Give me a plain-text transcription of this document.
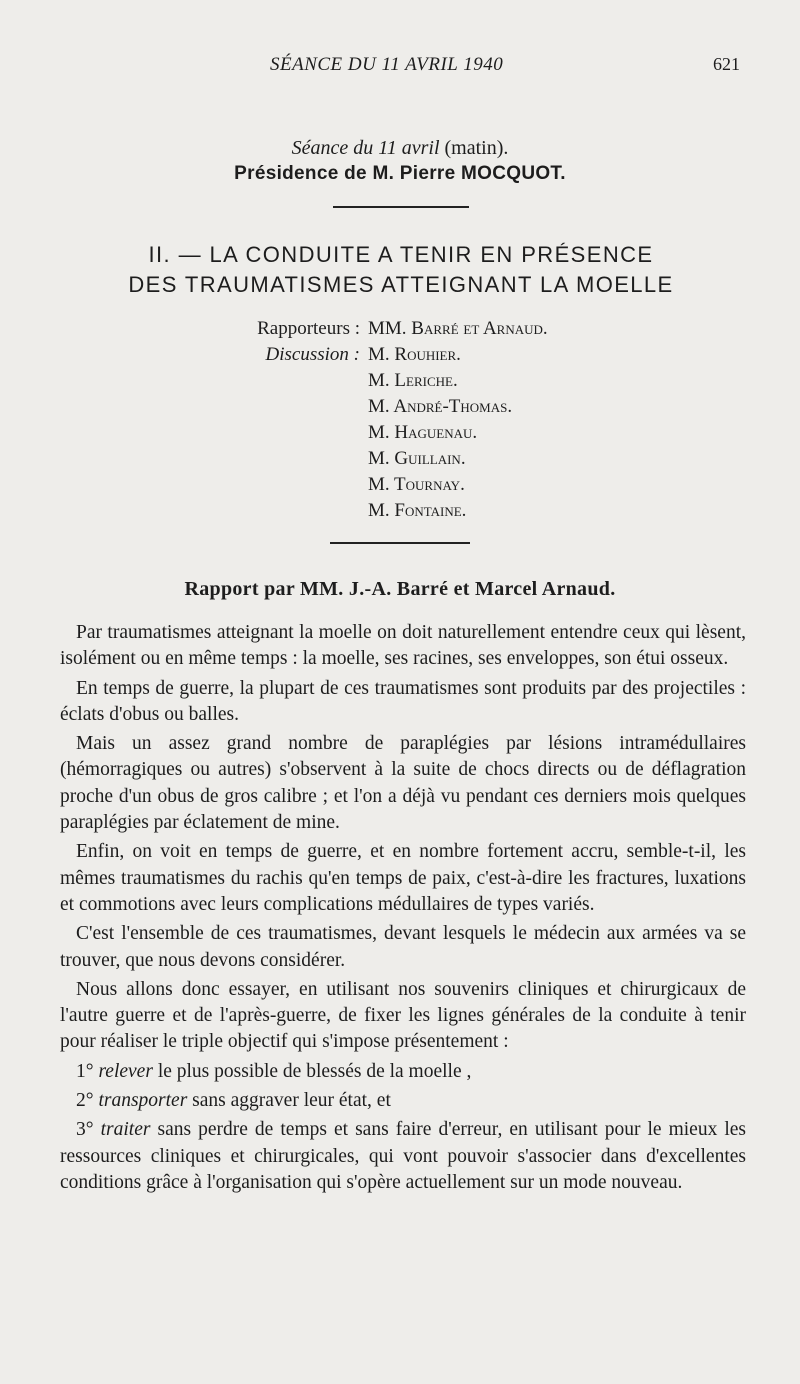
SÉANCE DU 11 AVRIL 1940	621
Séance du 11 avril (matin).
Présidence de M. Pierre MOCQUOT.
II. — LA CONDUITE A TENIR EN PRÉSENCE
DES TRAUMATISMES ATTEIGNANT LA MOELLE
Rapporteurs : MM. Barré et Arnaud.
Discussion : M. Rouhier.
M. Leriche.
M. André-Thomas.
M. Haguenau.
M. Guillain.
M. Tournay.
M. Fontaine.
Rapport par MM. J.-A. Barré et Marcel Arnaud.

Par traumatismes atteignant la moelle on doit naturellement entendre ceux qui lèsent, isolément ou en même temps : la moelle, ses racines, ses enveloppes, son étui osseux.

En temps de guerre, la plupart de ces traumatismes sont produits par des projectiles : éclats d'obus ou balles.

Mais un assez grand nombre de paraplégies par lésions intramédullaires (hémorragiques ou autres) s'observent à la suite de chocs directs ou de déflagration proche d'un obus de gros calibre ; et l'on a déjà vu pendant ces derniers mois quelques paraplégies par éclatement de mine.

Enfin, on voit en temps de guerre, et en nombre fortement accru, semble-t-il, les mêmes traumatismes du rachis qu'en temps de paix, c'est-à-dire les fractures, luxations et commotions avec leurs complications médullaires de types variés.

C'est l'ensemble de ces traumatismes, devant lesquels le médecin aux armées va se trouver, que nous devons considérer.

Nous allons donc essayer, en utilisant nos souvenirs cliniques et chirurgicaux de l'autre guerre et de l'après-guerre, de fixer les lignes générales de la conduite à tenir pour réaliser le triple objectif qui s'impose présentement :

1° relever le plus possible de blessés de la moelle ,

2° transporter sans aggraver leur état, et

3° traiter sans perdre de temps et sans faire d'erreur, en utilisant pour le mieux les ressources cliniques et chirurgicales, qui vont pouvoir s'associer dans d'excellentes conditions grâce à l'organisation qui s'opère actuellement sur un mode nouveau.
